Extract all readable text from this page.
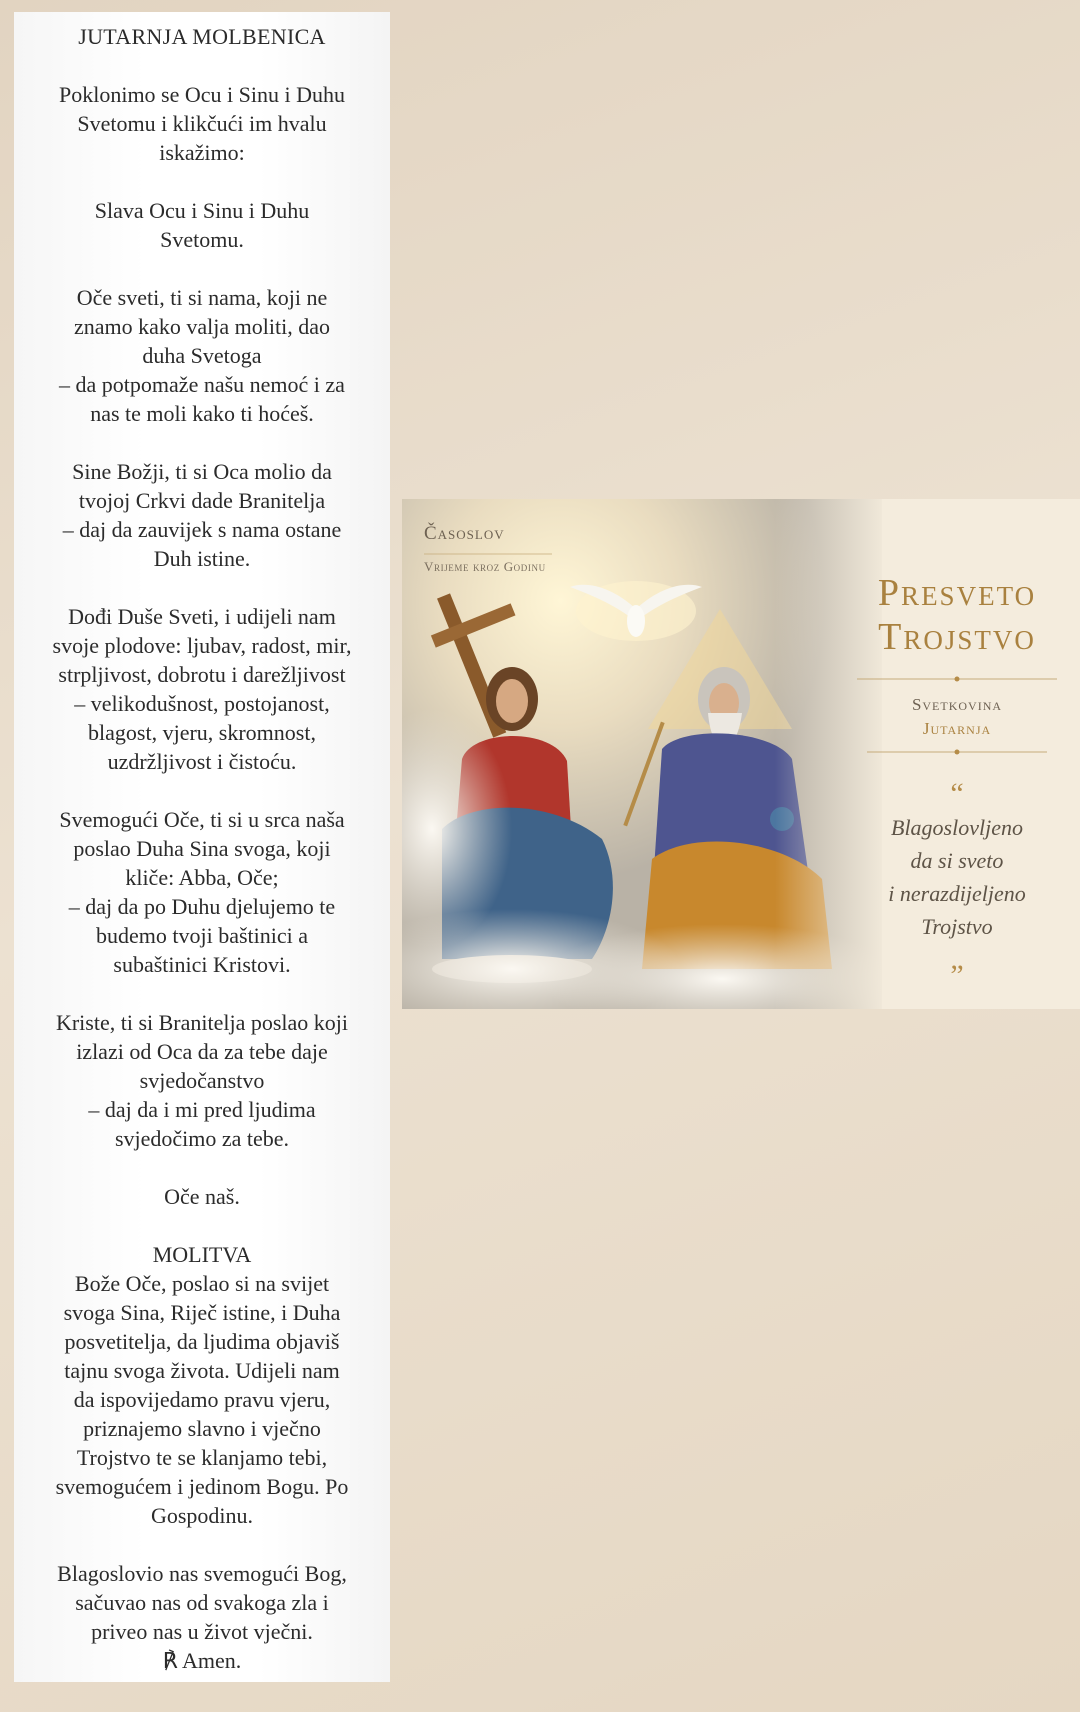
JUTARNJA MOLBENICA
Poklonimo se Ocu i Sinu i Duhu
Svetomu i klikčući im hvalu
iskažimo:
Slava Ocu i Sinu i Duhu
Svetomu.
Oče sveti, ti si nama, koji ne
znamo kako valja moliti, dao
duha Svetoga
– da potpomaže našu nemoć i za
nas te moli kako ti hoćeš.
Sine Božji, ti si Oca molio da
tvojoj Crkvi dade Branitelja
– daj da zauvijek s nama ostane
Duh istine.
Dođi Duše Sveti, i udijeli nam
svoje plodove: ljubav, radost, mir,
strpljivost, dobrotu i darežljivost
– velikodušnost, postojanost,
blagost, vjeru, skromnost,
uzdržljivost i čistoću.
Svemogući Oče, ti si u srca naša
poslao Duha Sina svoga, koji
kliče: Abba, Oče;
– daj da po Duhu djelujemo te
budemo tvoji baštinici a
subaštinici Kristovi.
Kriste, ti si Branitelja poslao koji
izlazi od Oca da za tebe daje
svjedočanstvo
– daj da i mi pred ljudima
svjedočimo za tebe.
Oče naš.
MOLITVA
Bože Oče, poslao si na svijet
svoga Sina, Riječ istine, i Duha
posvetitelja, da ljudima objaviš
tajnu svoga života. Udijeli nam
da ispovijedamo pravu vjeru,
priznajemo slavno i vječno
Trojstvo te se klanjamo tebi,
svemogućem i jedinom Bogu. Po
Gospodinu.
Blagoslovio nas svemogući Bog,
sačuvao nas od svakoga zla i
priveo nas u život vječni.
℟ Amen.
Časoslov
Vrijeme kroz Godinu
Presveto
Trojstvo
Svetkovina
Jutarnja
“
Blagoslovljeno
da si sveto
i nerazdijeljeno
Trojstvo
”
